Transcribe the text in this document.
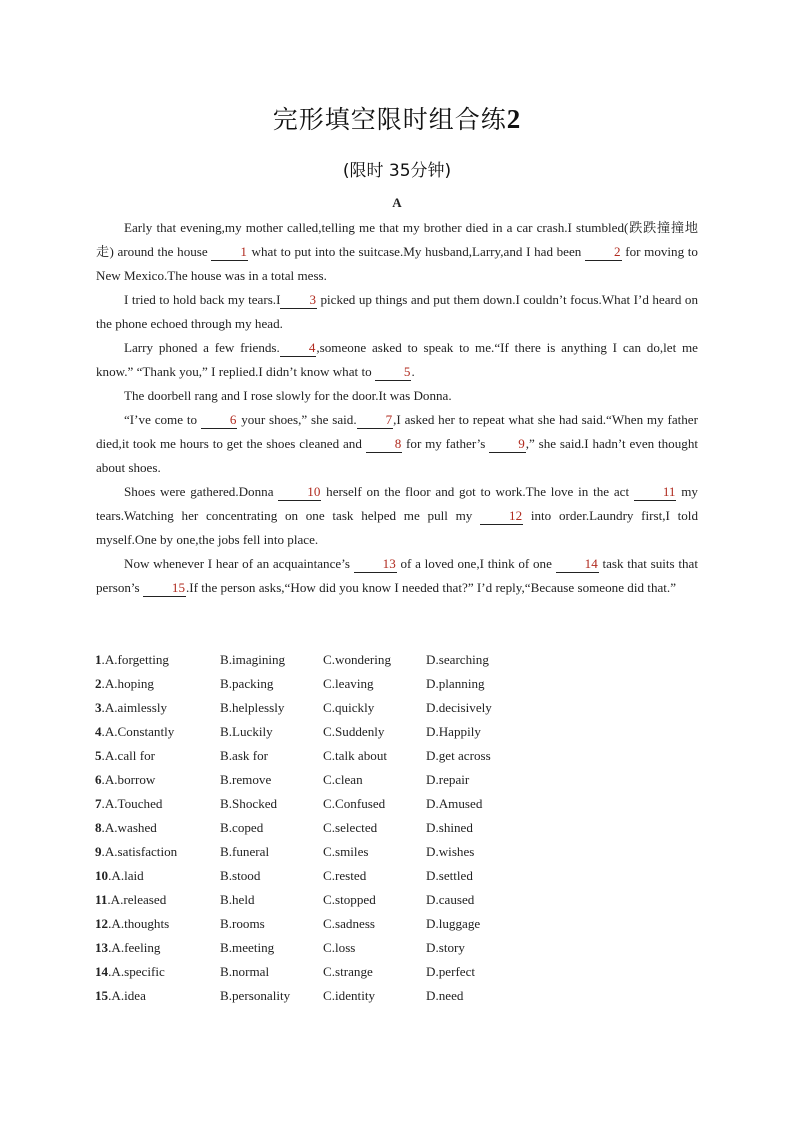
完形填空限时组合练2
(限时 35分钟)
A

Early that evening,my mother called,telling me that my brother died in a car crash.I stumbled(跌跌撞撞地走) around the house 1 what to put into the suitcase.My husband,Larry,and I had been 2 for moving to New Mexico.The house was in a total mess.

I tried to hold back my tears.I 3 picked up things and put them down.I couldn’t focus.What I’d heard on the phone echoed through my head.

Larry phoned a few friends. 4,someone asked to speak to me.“If there is anything I can do,let me know.” “Thank you,” I replied.I didn’t know what to 5.

The doorbell rang and I rose slowly for the door.It was Donna.

“I’ve come to 6 your shoes,” she said. 7,I asked her to repeat what she had said.“When my father died,it took me hours to get the shoes cleaned and 8 for my father’s 9,” she said.I hadn’t even thought about shoes.

Shoes were gathered.Donna 10 herself on the floor and got to work.The love in the act 11 my tears.Watching her concentrating on one task helped me pull my 12 into order.Laundry first,I told myself.One by one,the jobs fell into place.

Now whenever I hear of an acquaintance’s 13 of a loved one,I think of one 14 task that suits that person’s 15.If the person asks,“How did you know I needed that?” I’d reply,“Because someone did that.”

1.A.forgetting	B.imagining	C.wondering	D.searching
2.A.hoping	B.packing	C.leaving	D.planning
3.A.aimlessly	B.helplessly	C.quickly	D.decisively
4.A.Constantly	B.Luckily	C.Suddenly	D.Happily
5.A.call for	B.ask for	C.talk about	D.get across
6.A.borrow	B.remove	C.clean	D.repair
7.A.Touched	B.Shocked	C.Confused	D.Amused
8.A.washed	B.coped	C.selected	D.shined
9.A.satisfaction	B.funeral	C.smiles	D.wishes
10.A.laid	B.stood	C.rested	D.settled
11.A.released	B.held	C.stopped	D.caused
12.A.thoughts	B.rooms	C.sadness	D.luggage
13.A.feeling	B.meeting	C.loss	D.story
14.A.specific	B.normal	C.strange	D.perfect
15.A.idea	B.personality	C.identity	D.need
